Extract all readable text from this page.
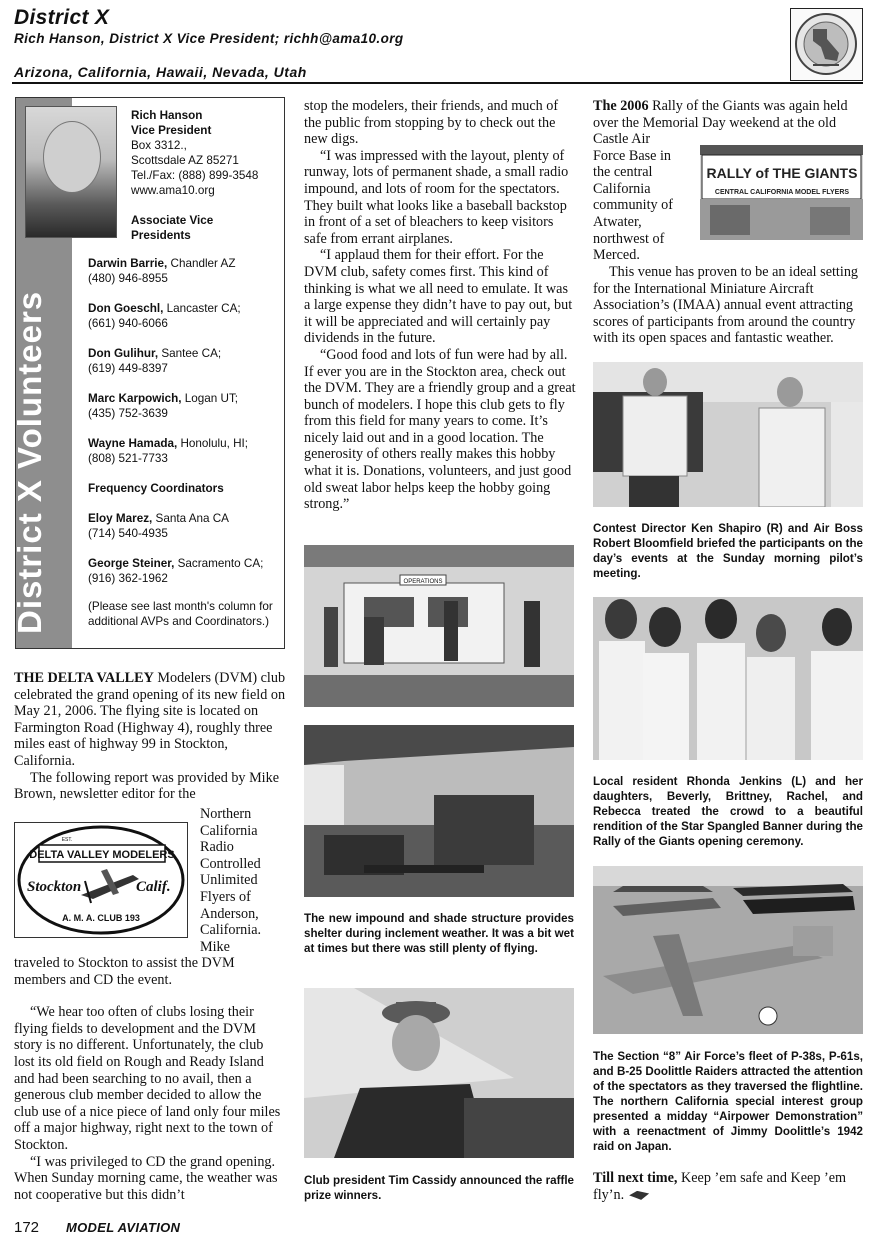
District X
Rich Hanson, District X Vice President; richh@ama10.org
Arizona, California, Hawaii, Nevada, Utah
District X Volunteers
Rich Hanson
Vice President
Box 3312.,
Scottsdale AZ 85271
Tel./Fax: (888) 899-3548
www.ama10.org
Associate Vice Presidents
Darwin Barrie, Chandler AZ
(480) 946-8955
Don Goeschl, Lancaster CA;
(661) 940-6066
Don Gulihur, Santee CA;
(619) 449-8397
Marc Karpowich, Logan UT;
(435) 752-3639
Wayne Hamada, Honolulu, HI;
(808) 521-7733
Frequency Coordinators
Eloy Marez, Santa Ana CA
(714) 540-4935
George Steiner, Sacramento CA;
(916) 362-1962
(Please see last month's column for additional AVPs and Coordinators.)

THE DELTA VALLEY Modelers (DVM) club celebrated the grand opening of its new field on May 21, 2006. The flying site is located on Farmington Road (Highway 4), roughly three miles east of highway 99 in Stockton, California.

The following report was provided by Mike Brown, newsletter editor for the

Northern
California
Radio
Controlled
Unlimited
Flyers of
Anderson,
California.
Mike
DELTA VALLEY MODELERS
EST.
Stockton	Calif.
A. M. A. CLUB 193

traveled to Stockton to assist the DVM members and CD the event.

“We hear too often of clubs losing their flying fields to development and the DVM story is no different. Unfortunately, the club lost its old field on Rough and Ready Island and had been searching to no avail, then a generous club member decided to allow the club use of a nice piece of land only four miles off a major highway, right next to the town of Stockton.

“I was privileged to CD the grand opening. When Sunday morning came, the weather was not cooperative but this didn’t

stop the modelers, their friends, and much of the public from stopping by to check out the new digs.

“I was impressed with the layout, plenty of runway, lots of permanent shade, a small radio impound, and lots of room for the spectators. They built what looks like a baseball backstop in front of a set of bleachers to keep visitors safe from errant airplanes.

“I applaud them for their effort. For the DVM club, safety comes first. This kind of thinking is what we all need to emulate. It was a large expense they didn’t have to pay out, but it will be appreciated and will certainly pay dividends in the future.

“Good food and lots of fun were had by all. If ever you are in the Stockton area, check out the DVM. They are a friendly group and a great bunch of modelers. I hope this club gets to fly from this field for many years to come. It’s nicely laid out and in a good location. The generosity of others really makes this hobby what it is. Donations, volunteers, and just good old sweat labor helps keep the hobby going strong.”

OPERATIONS
The new impound and shade structure provides shelter during inclement weather. It was a bit wet at times but there was still plenty of flying.
Club president Tim Cassidy announced the raffle prize winners.

The 2006 Rally of the Giants was again held over the Memorial Day weekend at the old

Castle Air
Force Base in
the central
California
community of
Atwater,
northwest of
Merced.
RALLY of THE GIANTS
CENTRAL CALIFORNIA MODEL FLYERS

This venue has proven to be an ideal setting for the International Miniature Aircraft Association’s (IMAA) annual event attracting scores of participants from around the country with its open spaces and fantastic weather.

Contest Director Ken Shapiro (R) and Air Boss Robert Bloomfield briefed the participants on the day’s events at the Sunday morning pilot’s meeting.
Local resident Rhonda Jenkins (L) and her daughters, Beverly, Brittney, Rachel, and Rebecca treated the crowd to a beautiful rendition of the Star Spangled Banner during the Rally of the Giants opening ceremony.
The Section “8” Air Force’s fleet of P-38s, P-61s, and B-25 Doolittle Raiders attracted the attention of the spectators as they traversed the flightline. The northern California special interest group presented a midday “Airpower Demonstration” with a reenactment of Jimmy Doolittle’s 1942 raid on Japan.

Till next time, Keep ’em safe and Keep ’em fly’n.

172 MODEL AVIATION
